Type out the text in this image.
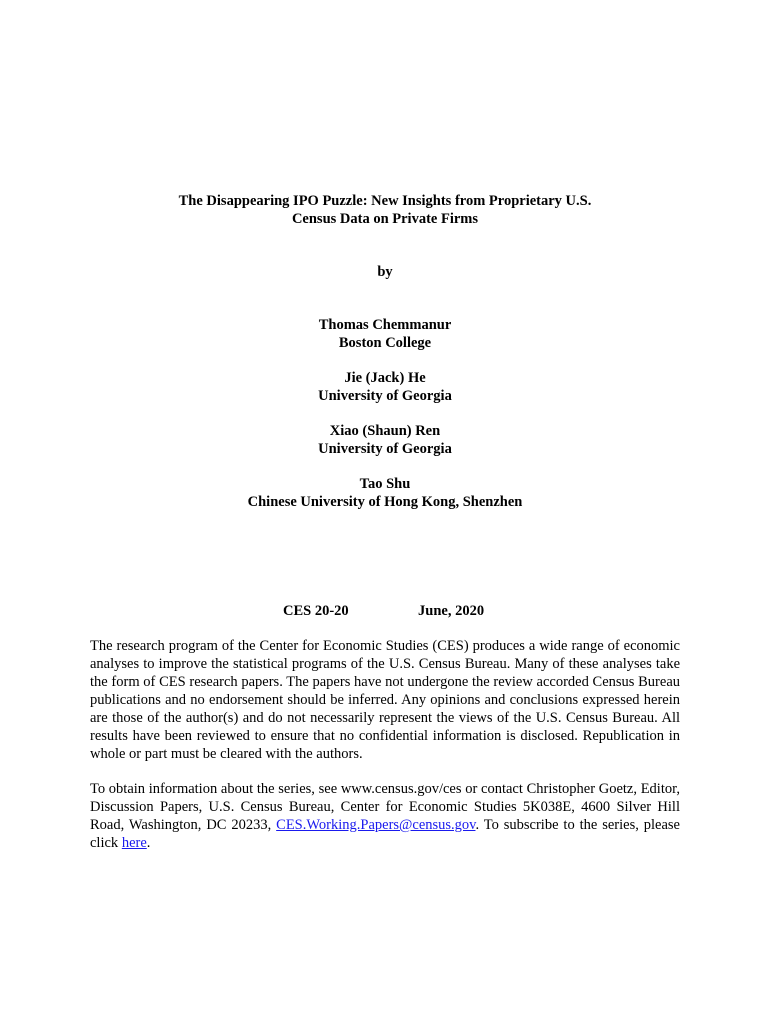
The Disappearing IPO Puzzle: New Insights from Proprietary U.S.
Census Data on Private Firms
by
Thomas Chemmanur
Boston College
Jie (Jack) He
University of Georgia
Xiao (Shaun) Ren
University of Georgia
Tao Shu
Chinese University of Hong Kong, Shenzhen
CES 20-20	June, 2020
The research program of the Center for Economic Studies (CES) produces a wide range of economic analyses to improve the statistical programs of the U.S. Census Bureau. Many of these analyses take the form of CES research papers. The papers have not undergone the review accorded Census Bureau publications and no endorsement should be inferred. Any opinions and conclusions expressed herein are those of the author(s) and do not necessarily represent the views of the U.S. Census Bureau. All results have been reviewed to ensure that no confidential information is disclosed. Republication in whole or part must be cleared with the authors.
To obtain information about the series, see www.census.gov/ces or contact Christopher Goetz, Editor, Discussion Papers, U.S. Census Bureau, Center for Economic Studies 5K038E, 4600 Silver Hill Road, Washington, DC 20233, CES.Working.Papers@census.gov. To subscribe to the series, please click here.
